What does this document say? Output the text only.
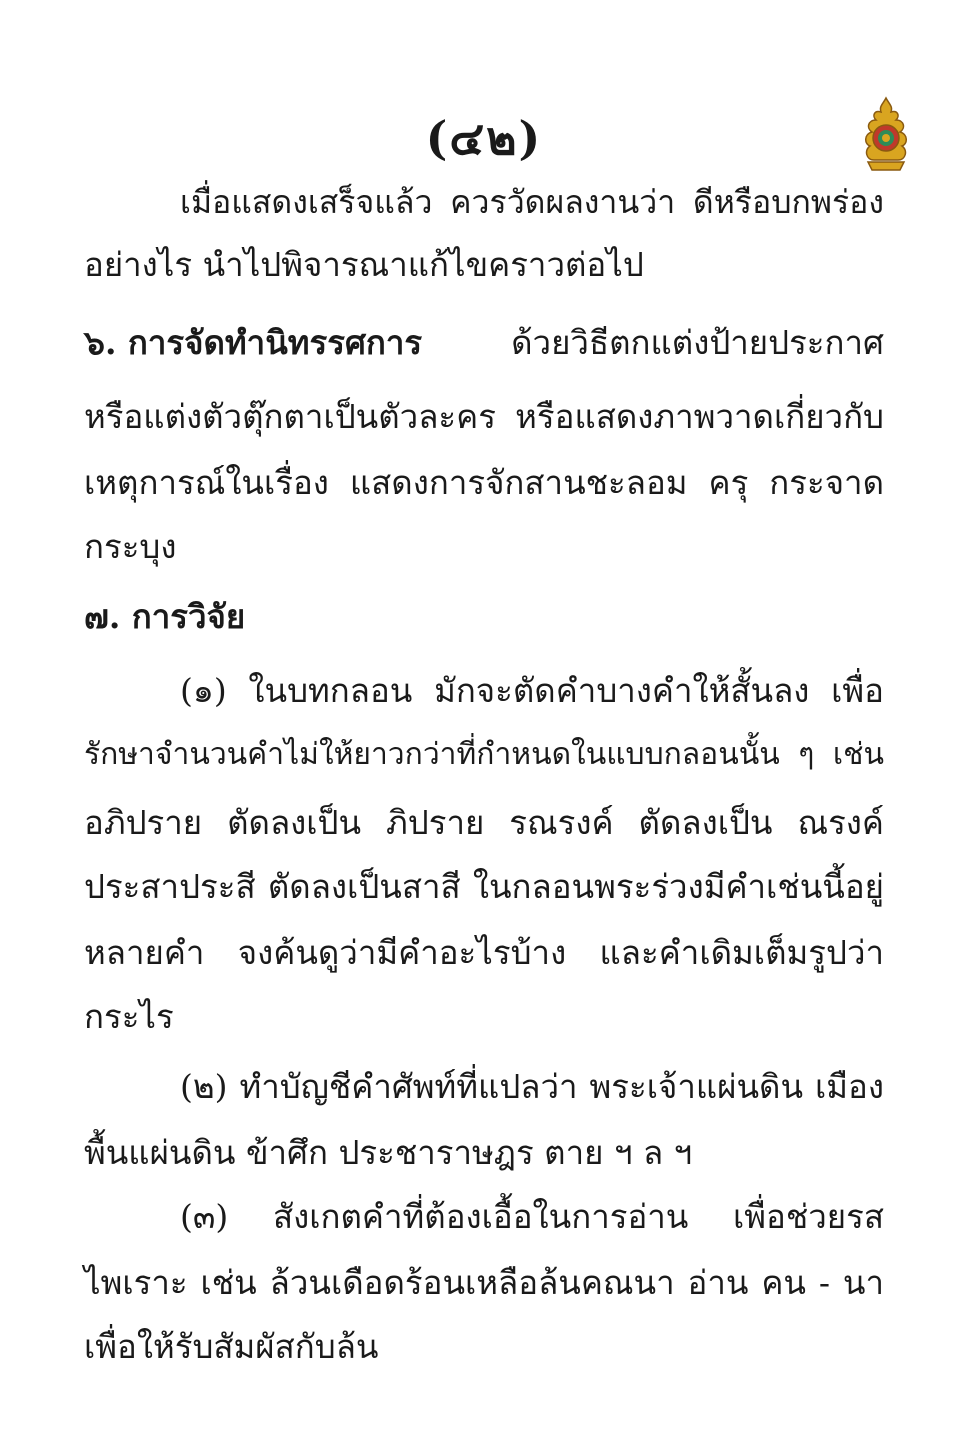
(๔๒)
เมื่อแสดงเสร็จแล้ว ควรวัดผลงานว่า ดีหรือบกพร่อง
อย่างไร นำไปพิจารณาแก้ไขคราวต่อไป
๖. การจัดทำนิทรรศการ	ด้วยวิธีตกแต่งป้ายประกาศ
หรือแต่งตัวตุ๊กตาเป็นตัวละคร หรือแสดงภาพวาดเกี่ยวกับ
เหตุการณ์ในเรื่อง แสดงการจักสานชะลอม ครุ กระจาด
กระบุง
๗. การวิจัย
(๑) ในบทกลอน มักจะตัดคำบางคำให้สั้นลง เพื่อ
รักษาจำนวนคำไม่ให้ยาวกว่าที่กำหนดในแบบกลอนนั้น ๆ เช่น
อภิปราย ตัดลงเป็น ภิปราย รณรงค์ ตัดลงเป็น ณรงค์
ประสาประสี ตัดลงเป็นสาสี ในกลอนพระร่วงมีคำเช่นนี้อยู่
หลายคำ จงค้นดูว่ามีคำอะไรบ้าง และคำเดิมเต็มรูปว่า
กระไร
(๒) ทำบัญชีคำศัพท์ที่แปลว่า พระเจ้าแผ่นดิน เมือง
พื้นแผ่นดิน ข้าศึก ประชาราษฎร ตาย ฯ ล ฯ
(๓) สังเกตคำที่ต้องเอื้อในการอ่าน เพื่อช่วยรส
ไพเราะ เช่น ล้วนเดือดร้อนเหลือล้นคณนา อ่าน คน - นา
เพื่อให้รับสัมผัสกับล้น
